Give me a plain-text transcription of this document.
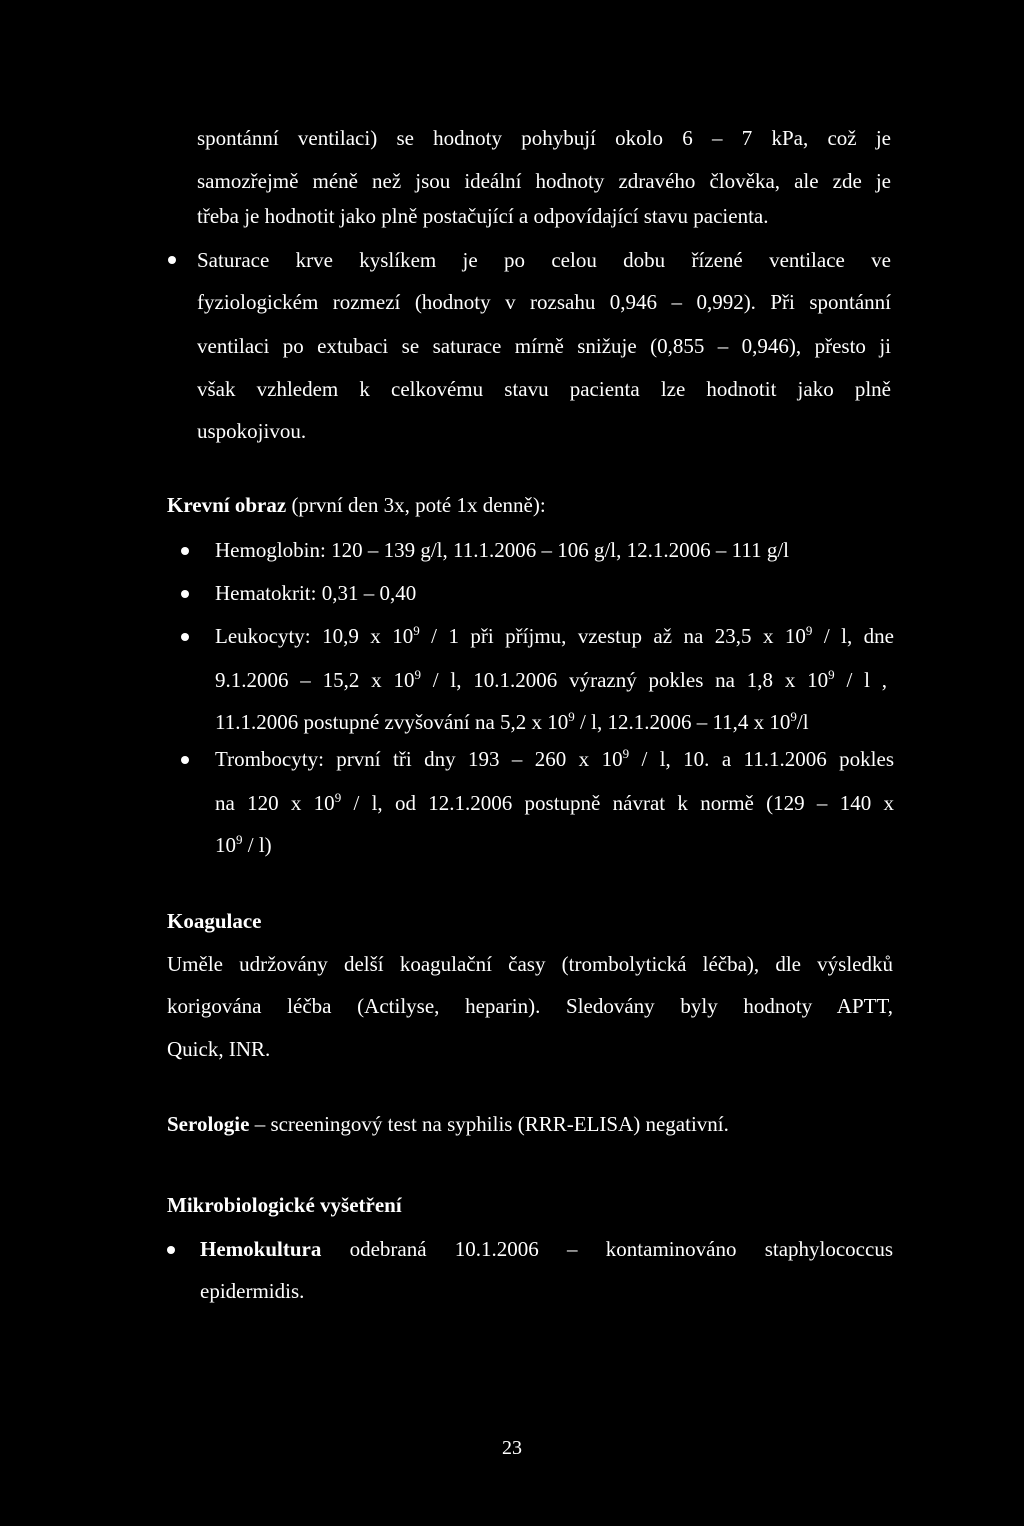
spontánní ventilaci) se hodnoty pohybují okolo 6 – 7 kPa, což je
samozřejmě méně než jsou ideální hodnoty zdravého člověka, ale zde je
třeba je hodnotit jako plně postačující a odpovídající stavu pacienta.
Saturace krve kyslíkem je po celou dobu řízené ventilace ve
fyziologickém rozmezí (hodnoty v rozsahu 0,946 – 0,992). Při spontánní
ventilaci po extubaci se saturace mírně snižuje (0,855 – 0,946), přesto ji
však vzhledem k celkovému stavu pacienta lze hodnotit jako plně
uspokojivou.
Krevní obraz (první den 3x, poté 1x denně):
Hemoglobin: 120 – 139 g/l, 11.1.2006 – 106 g/l, 12.1.2006 – 111 g/l
Hematokrit: 0,31 – 0,40
Leukocyty: 10,9 x $10^9 / 1$ při příjmu, vzestup až na 23,5 x $10^9$ / l, dne
9.1.2006 – 15,2 x $10^9$ / l, 10.1.2006 výrazný pokles na 1,8 x $10^9$ / l ,
11.1.2006 postupné zvyšování na 5,2 x $10^9$ / l, 12.1.2006 – 11,4 x $10^9/l$
Trombocyty: první tři dny 193 – 260 x $10^9$ / l, 10. a 11.1.2006 pokles
na 120 x $10^9$ / l, od 12.1.2006 postupně návrat k normě (129 – 140 x
$10^9 / l$)
Koagulace
Uměle udržovány delší koagulační časy (trombolytická léčba), dle výsledků
korigována léčba (Actilyse, heparin). Sledovány byly hodnoty APTT,
Quick, INR.
Serologie – screeningový test na syphilis (RRR-ELISA) negativní.
Mikrobiologické vyšetření
Hemokultura odebraná 10.1.2006 – kontaminováno staphylococcus
epidermidis.
23
